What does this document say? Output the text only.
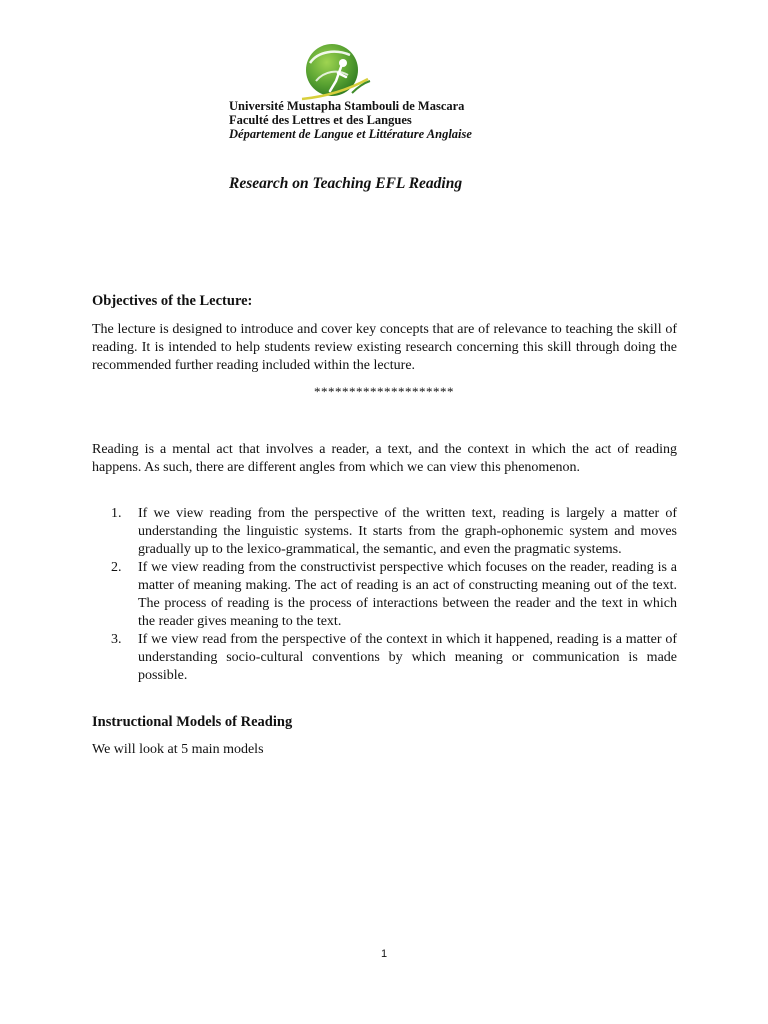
Université Mustapha Stambouli de Mascara
Faculté des Lettres et des Langues
Département de Langue et Littérature Anglaise
Research on Teaching EFL Reading
Objectives of the Lecture:

The lecture is designed to introduce and cover key concepts that are of relevance to teaching the skill of reading. It is intended to help students review existing research concerning this skill through doing the recommended further reading included within the lecture.

********************

Reading is a mental act that involves a reader, a text, and the context in which the act of reading happens. As such, there are different angles from which we can view this phenomenon.

1. If we view reading from the perspective of the written text, reading is largely a matter of understanding the linguistic systems. It starts from the graph-ophonemic system and moves gradually up to the lexico-grammatical, the semantic, and even the pragmatic systems.
2. If we view reading from the constructivist perspective which focuses on the reader, reading is a matter of meaning making. The act of reading is an act of constructing meaning out of the text. The process of reading is the process of interactions between the reader and the text in which the reader gives meaning to the text.
3. If we view read from the perspective of the context in which it happened, reading is a matter of understanding socio-cultural conventions by which meaning or communication is made possible.
Instructional Models of Reading

We will look at 5 main models

1
